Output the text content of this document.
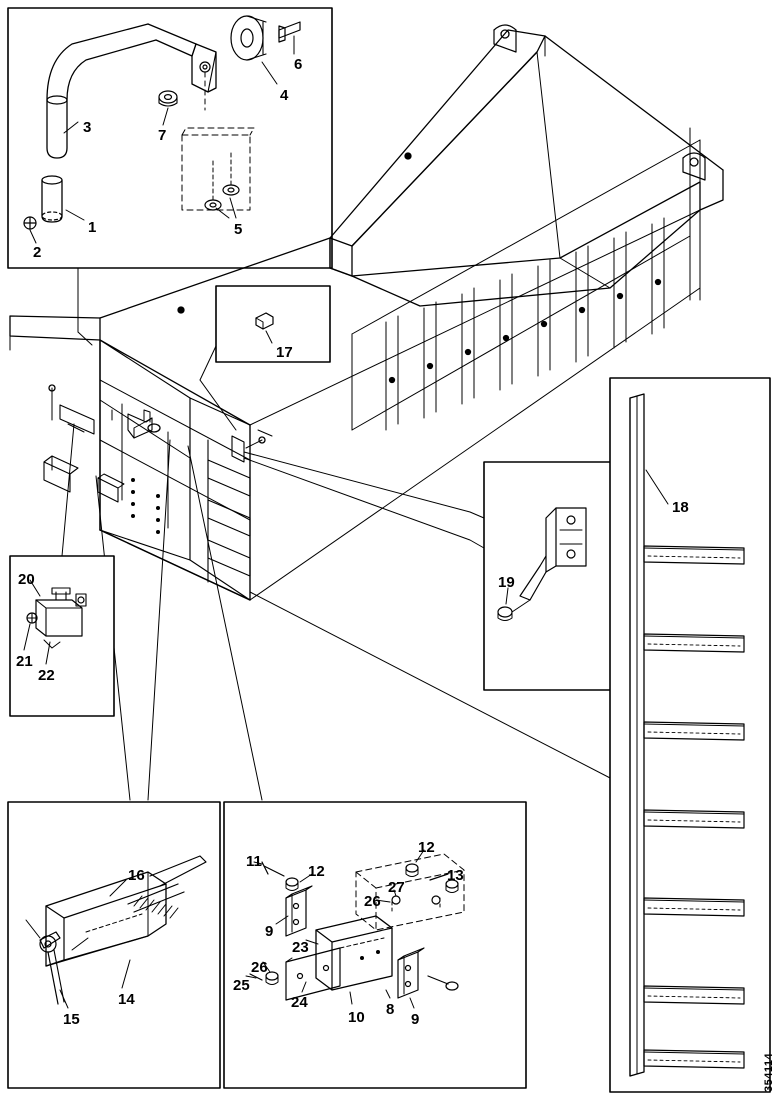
3
1
2
7
5
4
6
17
20
21
22
19
18
16
14
15
11
12
12
13
27
26
9
23
26
25
24
10 8
9
354114
